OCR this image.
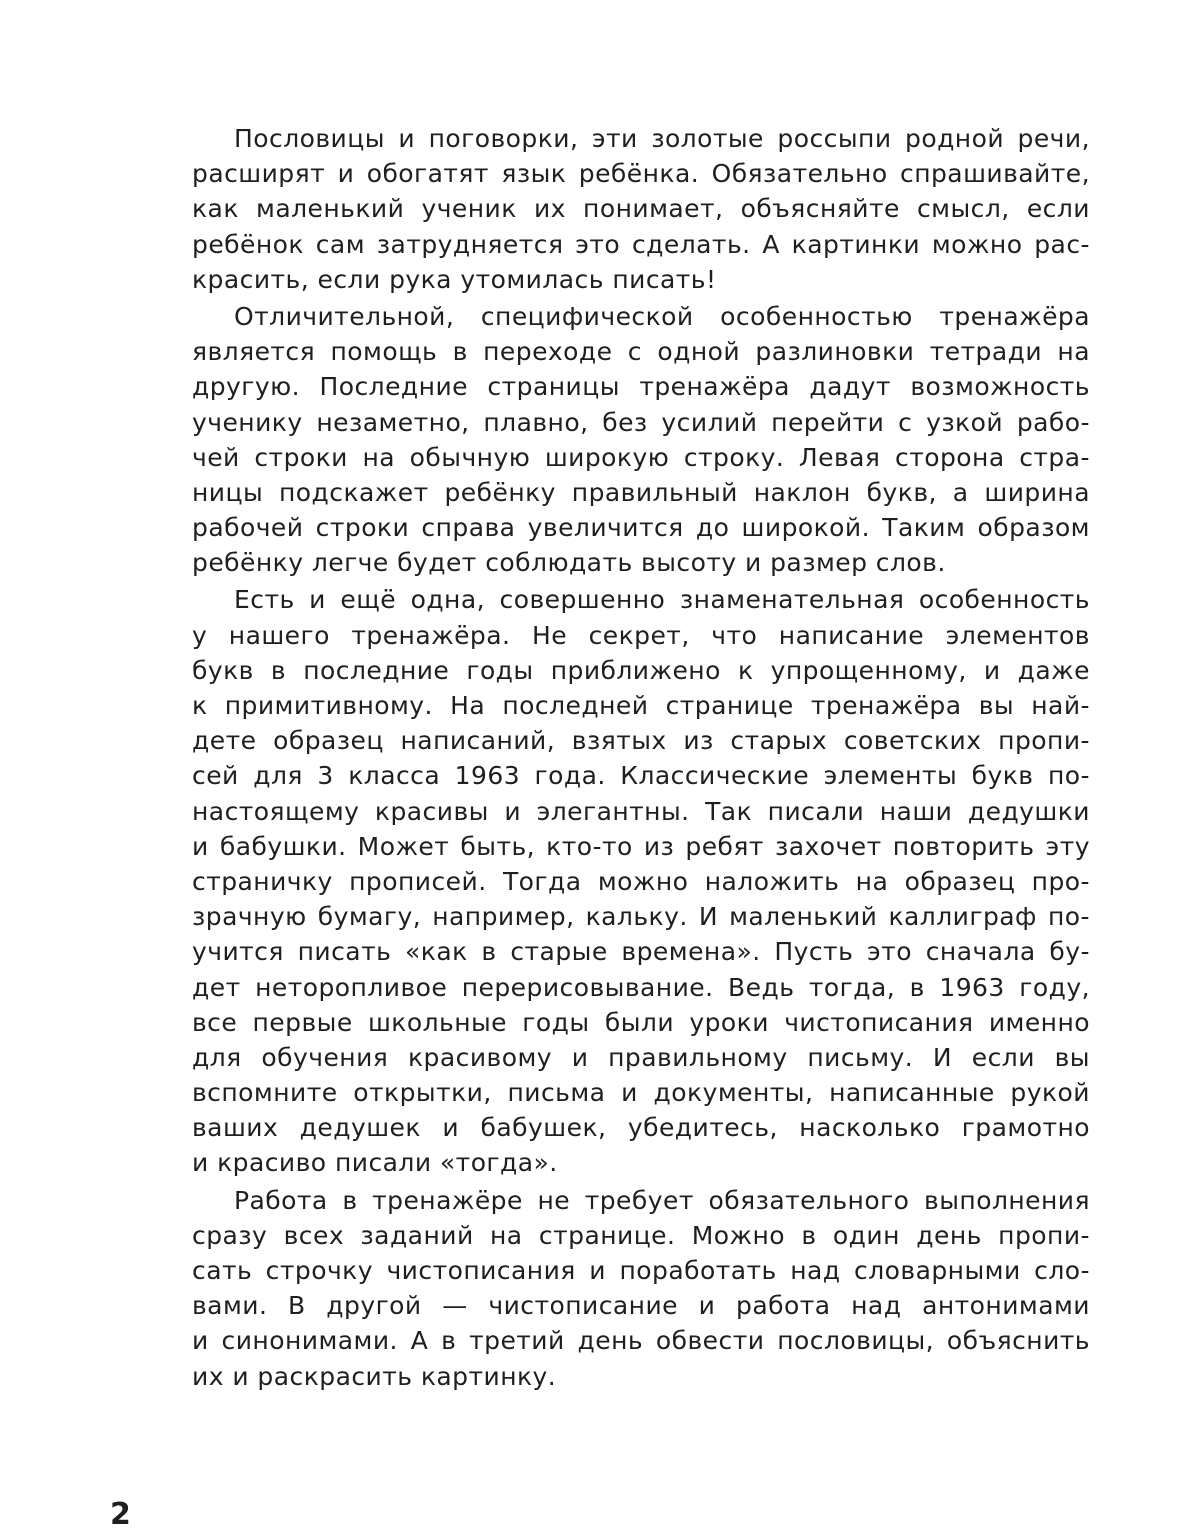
Пословицы и поговорки, эти золотые россыпи родной речи,
расширят и обогатят язык ребёнка. Обязательно спрашивайте,
как маленький ученик их понимает, объясняйте смысл, если
ребёнок сам затрудняется это сделать. А картинки можно рас-
красить, если рука утомилась писать!
Отличительной, специфической особенностью тренажёра
является помощь в переходе с одной разлиновки тетради на
другую. Последние страницы тренажёра дадут возможность
ученику незаметно, плавно, без усилий перейти с узкой рабо-
чей строки на обычную широкую строку. Левая сторона стра-
ницы подскажет ребёнку правильный наклон букв, а ширина
рабочей строки справа увеличится до широкой. Таким образом
ребёнку легче будет соблюдать высоту и размер слов.
Есть и ещё одна, совершенно знаменательная особенность
у нашего тренажёра. Не секрет, что написание элементов
букв в последние годы приближено к упрощенному, и даже
к примитивному. На последней странице тренажёра вы най-
дете образец написаний, взятых из старых советских пропи-
сей для 3 класса 1963 года. Классические элементы букв по-
настоящему красивы и элегантны. Так писали наши дедушки
и бабушки. Может быть, кто-то из ребят захочет повторить эту
страничку прописей. Тогда можно наложить на образец про-
зрачную бумагу, например, кальку. И маленький каллиграф по-
учится писать «как в старые времена». Пусть это сначала бу-
дет неторопливое перерисовывание. Ведь тогда, в 1963 году,
все первые школьные годы были уроки чистописания именно
для обучения красивому и правильному письму. И если вы
вспомните открытки, письма и документы, написанные рукой
ваших дедушек и бабушек, убедитесь, насколько грамотно
и красиво писали «тогда».
Работа в тренажёре не требует обязательного выполнения
сразу всех заданий на странице. Можно в один день пропи-
сать строчку чистописания и поработать над словарными сло-
вами. В другой — чистописание и работа над антонимами
и синонимами. А в третий день обвести пословицы, объяснить
их и раскрасить картинку.
2
